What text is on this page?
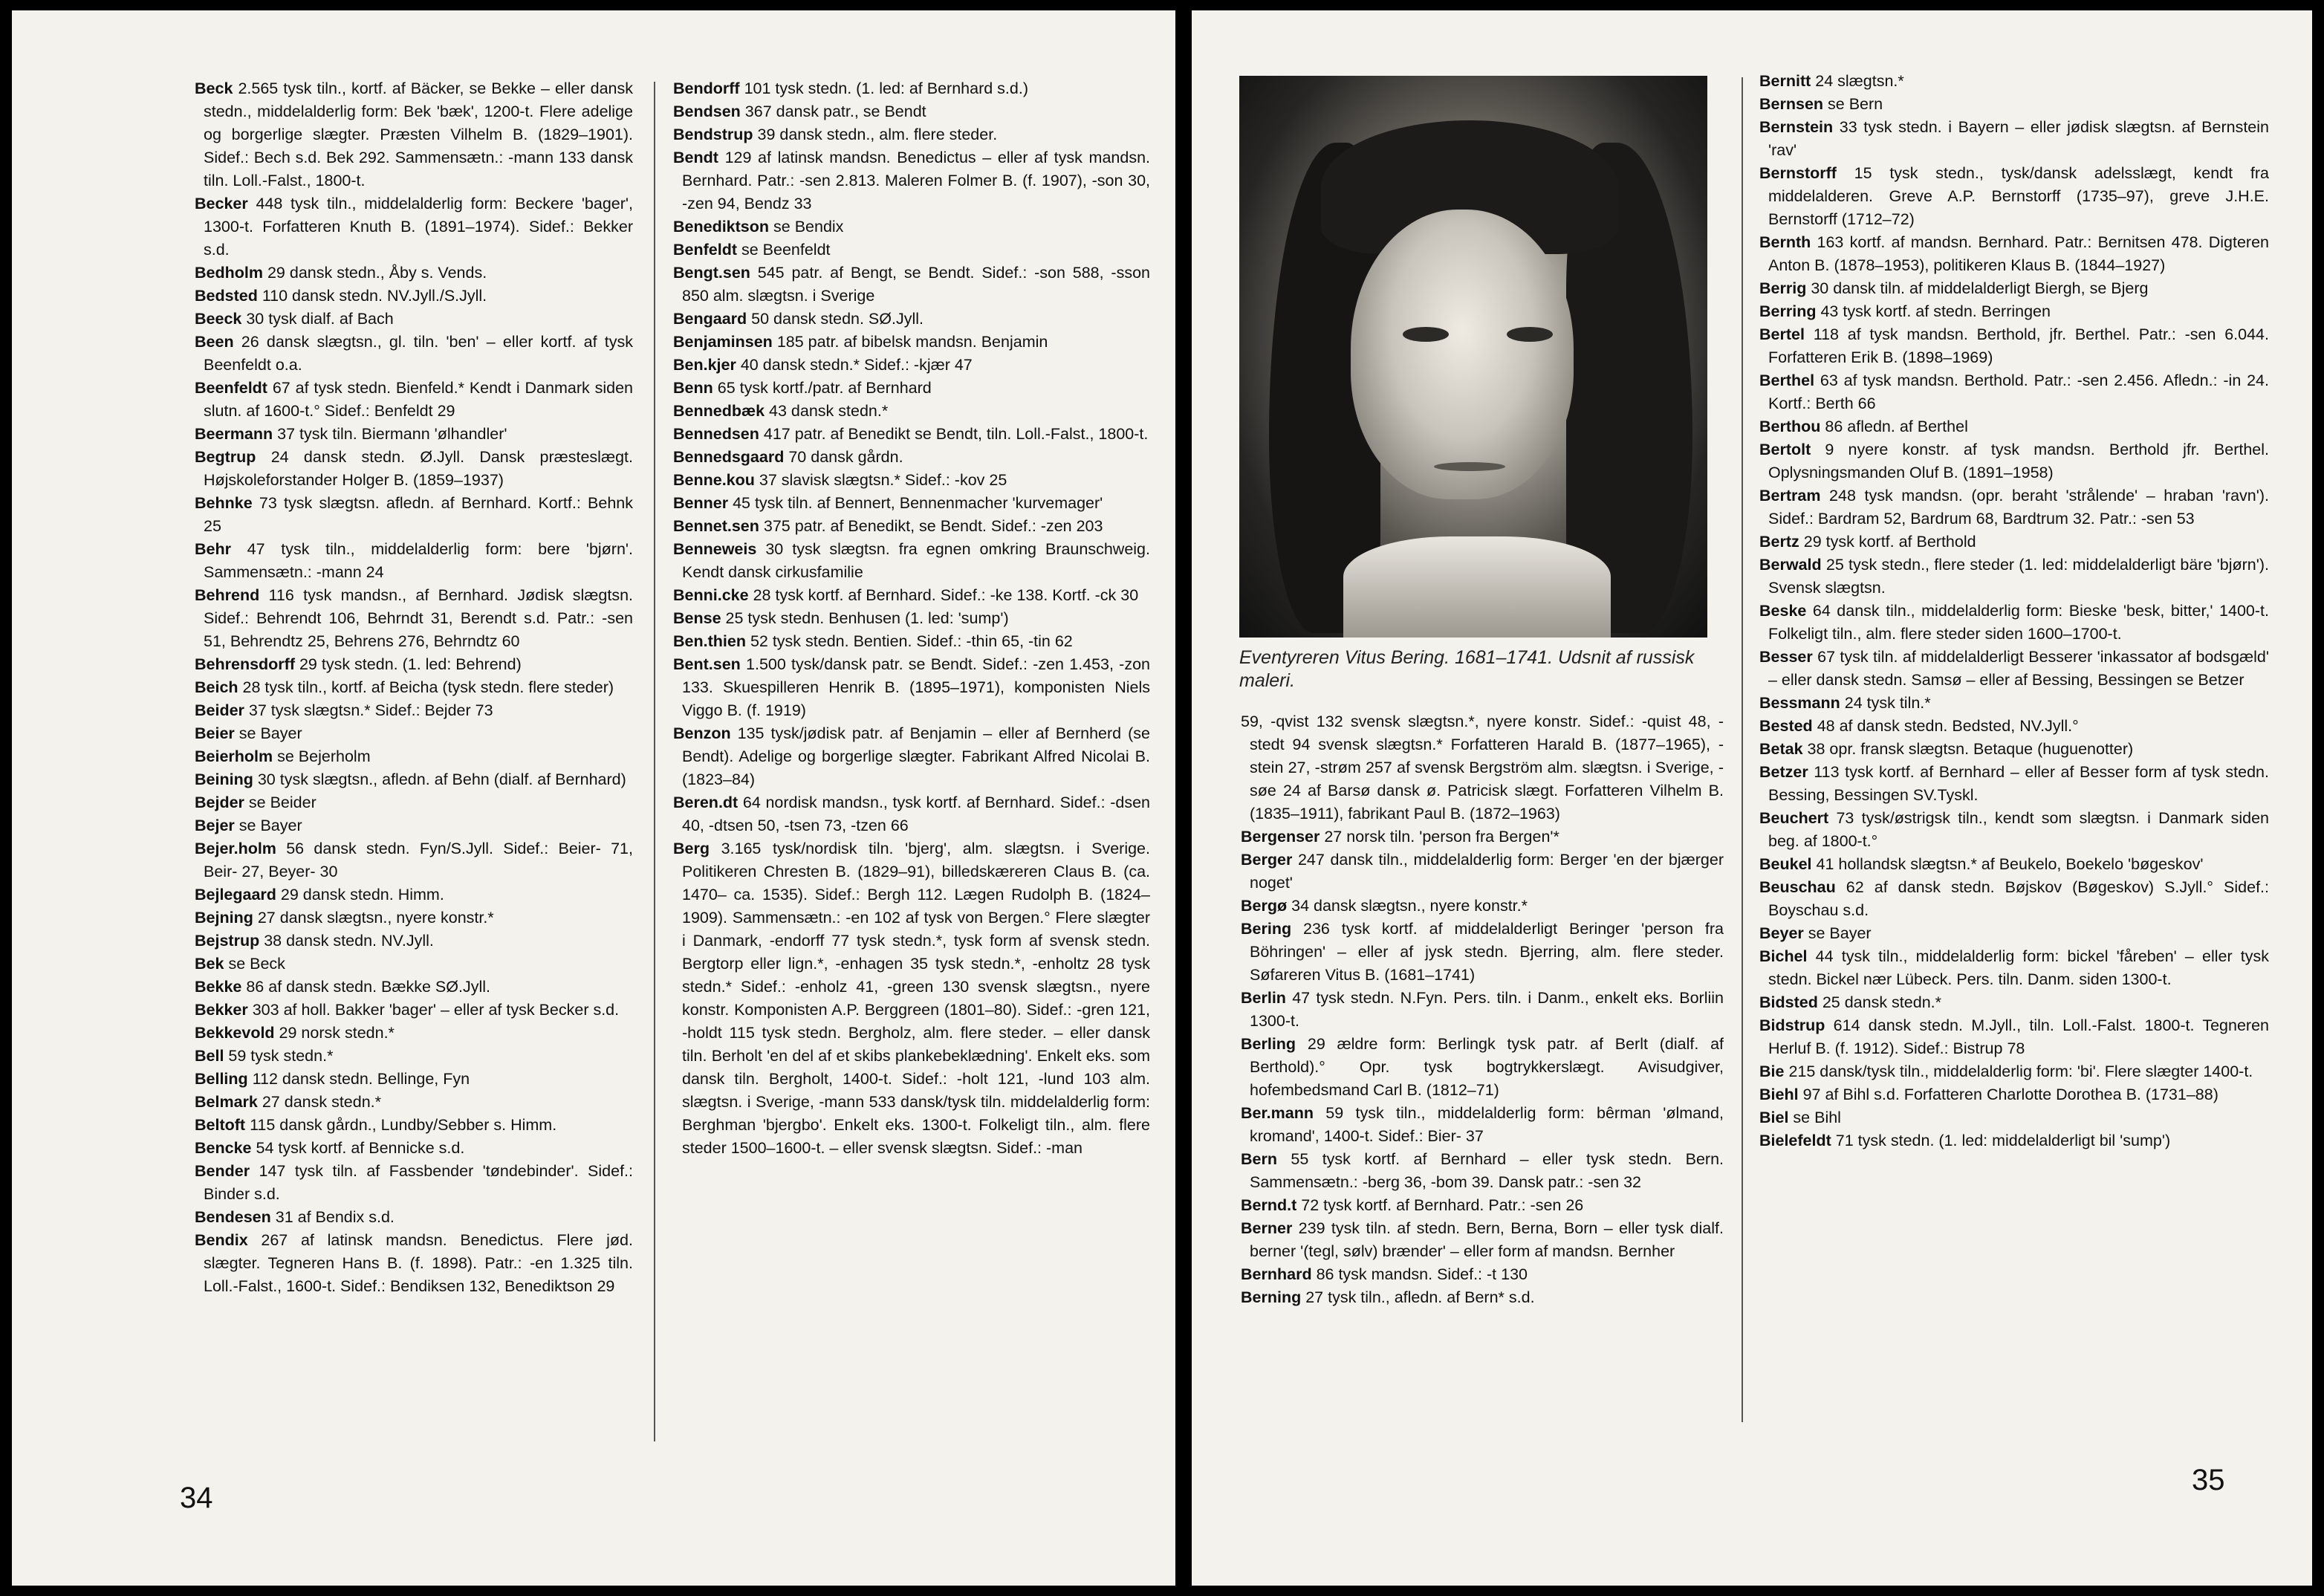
Beck 2.565 tysk tiln., kortf. af Bäcker, se Bekke – eller dansk stedn., middelalderlig form: Bek 'bæk', 1200-t. Flere adelige og borgerlige slægter. Præsten Vilhelm B. (1829–1901). Sidef.: Bech s.d. Bek 292. Sammensætn.: -mann 133 dansk tiln. Loll.-Falst., 1800-t.

Becker 448 tysk tiln., middelalderlig form: Beckere 'bager', 1300-t. Forfatteren Knuth B. (1891–1974). Sidef.: Bekker s.d.

Bedholm 29 dansk stedn., Åby s. Vends.

Bedsted 110 dansk stedn. NV.Jyll./S.Jyll.

Beeck 30 tysk dialf. af Bach

Been 26 dansk slægtsn., gl. tiln. 'ben' – eller kortf. af tysk Beenfeldt o.a.

Beenfeldt 67 af tysk stedn. Bienfeld.* Kendt i Danmark siden slutn. af 1600-t.° Sidef.: Benfeldt 29

Beermann 37 tysk tiln. Biermann 'ølhandler'

Begtrup 24 dansk stedn. Ø.Jyll. Dansk præsteslægt. Højskoleforstander Holger B. (1859–1937)

Behnke 73 tysk slægtsn. afledn. af Bernhard. Kortf.: Behnk 25

Behr 47 tysk tiln., middelalderlig form: bere 'bjørn'. Sammensætn.: -mann 24

Behrend 116 tysk mandsn., af Bernhard. Jødisk slægtsn. Sidef.: Behrendt 106, Behrndt 31, Berendt s.d. Patr.: -sen 51, Behrendtz 25, Behrens 276, Behrndtz 60

Behrensdorff 29 tysk stedn. (1. led: Behrend)

Beich 28 tysk tiln., kortf. af Beicha (tysk stedn. flere steder)

Beider 37 tysk slægtsn.* Sidef.: Bejder 73

Beier se Bayer

Beierholm se Bejerholm

Beining 30 tysk slægtsn., afledn. af Behn (dialf. af Bernhard)

Bejder se Beider

Bejer se Bayer

Bejer.holm 56 dansk stedn. Fyn/S.Jyll. Sidef.: Beier- 71, Beir- 27, Beyer- 30

Bejlegaard 29 dansk stedn. Himm.

Bejning 27 dansk slægtsn., nyere konstr.*

Bejstrup 38 dansk stedn. NV.Jyll.

Bek se Beck

Bekke 86 af dansk stedn. Bække SØ.Jyll.

Bekker 303 af holl. Bakker 'bager' – eller af tysk Becker s.d.

Bekkevold 29 norsk stedn.*

Bell 59 tysk stedn.*

Belling 112 dansk stedn. Bellinge, Fyn

Belmark 27 dansk stedn.*

Beltoft 115 dansk gårdn., Lundby/Sebber s. Himm.

Bencke 54 tysk kortf. af Bennicke s.d.

Bender 147 tysk tiln. af Fassbender 'tøndebinder'. Sidef.: Binder s.d.

Bendesen 31 af Bendix s.d.

Bendix 267 af latinsk mandsn. Benedictus. Flere jød. slægter. Tegneren Hans B. (f. 1898). Patr.: -en 1.325 tiln. Loll.-Falst., 1600-t. Sidef.: Bendiksen 132, Benediktson 29

Bendorff 101 tysk stedn. (1. led: af Bernhard s.d.)

Bendsen 367 dansk patr., se Bendt

Bendstrup 39 dansk stedn., alm. flere steder.

Bendt 129 af latinsk mandsn. Benedictus – eller af tysk mandsn. Bernhard. Patr.: -sen 2.813. Maleren Folmer B. (f. 1907), -son 30, -zen 94, Bendz 33

Benediktson se Bendix

Benfeldt se Beenfeldt

Bengt.sen 545 patr. af Bengt, se Bendt. Sidef.: -son 588, -sson 850 alm. slægtsn. i Sverige

Bengaard 50 dansk stedn. SØ.Jyll.

Benjaminsen 185 patr. af bibelsk mandsn. Benjamin

Ben.kjer 40 dansk stedn.* Sidef.: -kjær 47

Benn 65 tysk kortf./patr. af Bernhard

Bennedbæk 43 dansk stedn.*

Bennedsen 417 patr. af Benedikt se Bendt, tiln. Loll.-Falst., 1800-t.

Bennedsgaard 70 dansk gårdn.

Benne.kou 37 slavisk slægtsn.* Sidef.: -kov 25

Benner 45 tysk tiln. af Bennert, Bennenmacher 'kurvemager'

Bennet.sen 375 patr. af Benedikt, se Bendt. Sidef.: -zen 203

Benneweis 30 tysk slægtsn. fra egnen omkring Braunschweig. Kendt dansk cirkusfamilie

Benni.cke 28 tysk kortf. af Bernhard. Sidef.: -ke 138. Kortf. -ck 30

Bense 25 tysk stedn. Benhusen (1. led: 'sump')

Ben.thien 52 tysk stedn. Bentien. Sidef.: -thin 65, -tin 62

Bent.sen 1.500 tysk/dansk patr. se Bendt. Sidef.: -zen 1.453, -zon 133. Skuespilleren Henrik B. (1895–1971), komponisten Niels Viggo B. (f. 1919)

Benzon 135 tysk/jødisk patr. af Benjamin – eller af Bernherd (se Bendt). Adelige og borgerlige slægter. Fabrikant Alfred Nicolai B. (1823–84)

Beren.dt 64 nordisk mandsn., tysk kortf. af Bernhard. Sidef.: -dsen 40, -dtsen 50, -tsen 73, -tzen 66

Berg 3.165 tysk/nordisk tiln. 'bjerg', alm. slægtsn. i Sverige. Politikeren Chresten B. (1829–91), billedskæreren Claus B. (ca. 1470– ca. 1535). Sidef.: Bergh 112. Lægen Rudolph B. (1824–1909). Sammensætn.: -en 102 af tysk von Bergen.° Flere slægter i Danmark, -endorff 77 tysk stedn.*, tysk form af svensk stedn. Bergtorp eller lign.*, -enhagen 35 tysk stedn.*, -enholtz 28 tysk stedn.* Sidef.: -enholz 41, -green 130 svensk slægtsn., nyere konstr. Komponisten A.P. Berggreen (1801–80). Sidef.: -gren 121, -holdt 115 tysk stedn. Bergholz, alm. flere steder. – eller dansk tiln. Berholt 'en del af et skibs plankebeklædning'. Enkelt eks. som dansk tiln. Bergholt, 1400-t. Sidef.: -holt 121, -lund 103 alm. slægtsn. i Sverige, -mann 533 dansk/tysk tiln. middelalderlig form: Berghman 'bjergbo'. Enkelt eks. 1300-t. Folkeligt tiln., alm. flere steder 1500–1600-t. – eller svensk slægtsn. Sidef.: -man

34
Eventyreren Vitus Bering. 1681–1741. Udsnit af russisk maleri.

59, -qvist 132 svensk slægtsn.*, nyere konstr. Sidef.: -quist 48, -stedt 94 svensk slægtsn.* Forfatteren Harald B. (1877–1965), -stein 27, -strøm 257 af svensk Bergström alm. slægtsn. i Sverige, -søe 24 af Barsø dansk ø. Patricisk slægt. Forfatteren Vilhelm B. (1835–1911), fabrikant Paul B. (1872–1963)

Bergenser 27 norsk tiln. 'person fra Bergen'*

Berger 247 dansk tiln., middelalderlig form: Berger 'en der bjærger noget'

Bergø 34 dansk slægtsn., nyere konstr.*

Bering 236 tysk kortf. af middelalderligt Beringer 'person fra Böhringen' – eller af jysk stedn. Bjerring, alm. flere steder. Søfareren Vitus B. (1681–1741)

Berlin 47 tysk stedn. N.Fyn. Pers. tiln. i Danm., enkelt eks. Borliin 1300-t.

Berling 29 ældre form: Berlingk tysk patr. af Berlt (dialf. af Berthold).° Opr. tysk bogtrykkerslægt. Avisudgiver, hofembedsmand Carl B. (1812–71)

Ber.mann 59 tysk tiln., middelalderlig form: bêrman 'ølmand, kromand', 1400-t. Sidef.: Bier- 37

Bern 55 tysk kortf. af Bernhard – eller tysk stedn. Bern. Sammensætn.: -berg 36, -bom 39. Dansk patr.: -sen 32

Bernd.t 72 tysk kortf. af Bernhard. Patr.: -sen 26

Berner 239 tysk tiln. af stedn. Bern, Berna, Born – eller tysk dialf. berner '(tegl, sølv) brænder' – eller form af mandsn. Bernher

Bernhard 86 tysk mandsn. Sidef.: -t 130

Berning 27 tysk tiln., afledn. af Bern* s.d.

Bernitt 24 slægtsn.*

Bernsen se Bern

Bernstein 33 tysk stedn. i Bayern – eller jødisk slægtsn. af Bernstein 'rav'

Bernstorff 15 tysk stedn., tysk/dansk adelsslægt, kendt fra middelalderen. Greve A.P. Bernstorff (1735–97), greve J.H.E. Bernstorff (1712–72)

Bernth 163 kortf. af mandsn. Bernhard. Patr.: Bernitsen 478. Digteren Anton B. (1878–1953), politikeren Klaus B. (1844–1927)

Berrig 30 dansk tiln. af middelalderligt Biergh, se Bjerg

Berring 43 tysk kortf. af stedn. Berringen

Bertel 118 af tysk mandsn. Berthold, jfr. Berthel. Patr.: -sen 6.044. Forfatteren Erik B. (1898–1969)

Berthel 63 af tysk mandsn. Berthold. Patr.: -sen 2.456. Afledn.: -in 24. Kortf.: Berth 66

Berthou 86 afledn. af Berthel

Bertolt 9 nyere konstr. af tysk mandsn. Berthold jfr. Berthel. Oplysningsmanden Oluf B. (1891–1958)

Bertram 248 tysk mandsn. (opr. beraht 'strålende' – hraban 'ravn'). Sidef.: Bardram 52, Bardrum 68, Bardtrum 32. Patr.: -sen 53

Bertz 29 tysk kortf. af Berthold

Berwald 25 tysk stedn., flere steder (1. led: middelalderligt bäre 'bjørn'). Svensk slægtsn.

Beske 64 dansk tiln., middelalderlig form: Bieske 'besk, bitter,' 1400-t. Folkeligt tiln., alm. flere steder siden 1600–1700-t.

Besser 67 tysk tiln. af middelalderligt Besserer 'inkassator af bodsgæld' – eller dansk stedn. Samsø – eller af Bessing, Bessingen se Betzer

Bessmann 24 tysk tiln.*

Bested 48 af dansk stedn. Bedsted, NV.Jyll.°

Betak 38 opr. fransk slægtsn. Betaque (huguenotter)

Betzer 113 tysk kortf. af Bernhard – eller af Besser form af tysk stedn. Bessing, Bessingen SV.Tyskl.

Beuchert 73 tysk/østrigsk tiln., kendt som slægtsn. i Danmark siden beg. af 1800-t.°

Beukel 41 hollandsk slægtsn.* af Beukelo, Boekelo 'bøgeskov'

Beuschau 62 af dansk stedn. Bøjskov (Bøgeskov) S.Jyll.° Sidef.: Boyschau s.d.

Beyer se Bayer

Bichel 44 tysk tiln., middelalderlig form: bickel 'fåreben' – eller tysk stedn. Bickel nær Lübeck. Pers. tiln. Danm. siden 1300-t.

Bidsted 25 dansk stedn.*

Bidstrup 614 dansk stedn. M.Jyll., tiln. Loll.-Falst. 1800-t. Tegneren Herluf B. (f. 1912). Sidef.: Bistrup 78

Bie 215 dansk/tysk tiln., middelalderlig form: 'bi'. Flere slægter 1400-t.

Biehl 97 af Bihl s.d. Forfatteren Charlotte Dorothea B. (1731–88)

Biel se Bihl

Bielefeldt 71 tysk stedn. (1. led: middelalderligt bil 'sump')

35
